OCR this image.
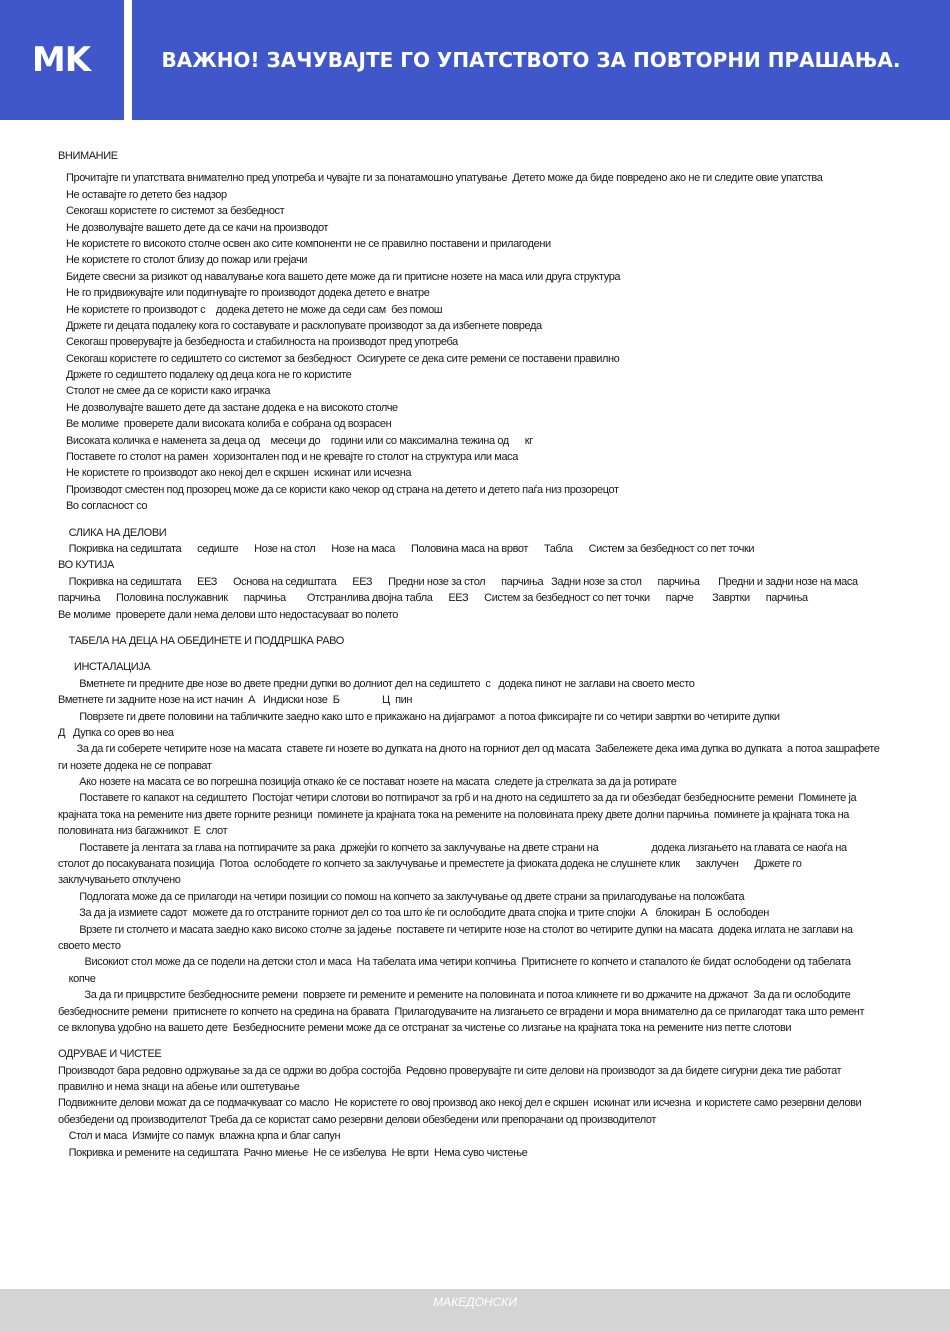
MK	ВАЖНО! ЗАЧУВАЈТЕ ГО УПАТСТВОТО ЗА ПОВТОРНИ ПРАШАЊА.
ВНИМАНИЕ
Прочитајте ги упатствата внимателно пред употреба и чувајте ги за понатамошно упатување  Детето може да биде повредено ако не ги следите овие упатства
Не оставајте го детето без надзор
Секогаш користете го системот за безбедност
Не дозволувајте вашето дете да се качи на производот
Не користете го високото столче освен ако сите компоненти не се правилно поставени и прилагодени
Не користете го столот близу до пожар или грејачи
Бидете свесни за ризикот од навалување кога вашето дете може да ги притисне нозете на маса или друга структура
Не го придвижувајте или подигнувајте го производот додека детето е внатре
Не користете го производот с    додека детето не може да седи сам  без помош
Држете ги децата подалеку кога го составувате и расклопувате производот за да избегнете повреда
Секогаш проверувајте ја безбедноста и стабилноста на производот пред употреба
Секогаш користете го седиштето со системот за безбедност  Осигурете се дека сите ремени се поставени правилно
Држете го седиштето подалеку од деца кога не го користите
Столот не смее да се користи како играчка
Не дозволувајте вашето дете да застане додека е на високото столче
Ве молиме  проверете дали високата колиба е собрана од возрасен
Високата количка е наменета за деца од    месеци до    години или со максимална тежина од      кг
Поставете го столот на рамен  хоризонтален под и не кревајте го столот на структура или маса
Не користете го производот ако некој дел е скршен  искинат или исчезна
Производот сместен под прозорец може да се користи како чекор од страна на детето и детето паѓа низ прозорецот
Во согласност со
СЛИКА НА ДЕЛОВИ
Покривка на седиштата      седиште      Нозе на стол      Нозе на маса      Половина маса на врвот      Табла      Систем за безбедност со пет точки
ВО КУТИЈА
Покривка на седиштата      ЕЕЗ      Основа на седиштата      ЕЕЗ      Предни нозе за стол      парчиња   Задни нозе за стол      парчиња       Предни и задни нозе на маса
парчиња      Половина послужавник      парчиња        Отстранлива двојна табла      ЕЕЗ      Систем за безбедност со пет точки      парче       Завртки      парчиња
Ве молиме  проверете дали нема делови што недостасуваат во полето
ТАБЕЛА НА ДЕЦА НА ОБЕДИНЕТЕ И ПОДДРШКА РАВО
ИНСТАЛАЦИЈА
Вметнете ги предните две нозе во двете предни дупки во долниот дел на седиштето  с   додека пинот не заглави на своето место
Вметнете ги задните нозе на ист начин  А   Индиски нозе  Б                Ц  пин
Поврзете ги двете половини на табличките заедно како што е прикажано на дијаграмот  а потоа фиксирајте ги со четири завртки во четирите дупки
Д   Дупка со орев во неа
За да ги соберете четирите нозе на масата  ставете ги нозете во дупката на дното на горниот дел од масата  Забележете дека има дупка во дупката  а потоа зашрафете
ги нозете додека не се поправат
Ако нозете на масата се во погрешна позиција откако ќе се постават нозете на масата  следете ја стрелката за да ја ротирате
Поставете го капакот на седиштето  Постојат четири слотови во потпирачот за грб и на дното на седиштето за да ги обезбедат безбедносните ремени  Поминете ја
крајната тока на ремените низ двете горните резници  поминете ја крајната тока на ремените на половината преку двете долни парчиња  поминете ја крајната тока на
половината низ багажникот  Е  слот
Поставете ја лентата за глава на потпирачите за рака  држејќи го копчето за заклучување на двете страни на                    додека лизгањето на главата се наоѓа на
столот до посакуваната позиција  Потоа  ослободете го копчето за заклучување и преместете ја фиоката додека не слушнете клик      заклучен      Држете го
заклучувањето отклучено
Подлогата може да се прилагоди на четири позиции со помош на копчето за заклучување од двете страни за прилагодување на положбата
За да ја измиете садот  можете да го отстраните горниот дел со тоа што ќе ги ослободите двата спојка и трите спојки  А   блокиран  Б  ослободен
Врзете ги столчето и масата заедно како високо столче за јадење  поставете ги четирите нозе на столот во четирите дупки на масата  додека иглата не заглави на
своето место
Високиот стол може да се подели на детски стол и маса  На табелата има четири копчиња  Притиснете го копчето и стапалото ќе бидат ослободени од табелата
копче
За да ги прицврстите безбедносните ремени  поврзете ги ремените и ремените на половината и потоа кликнете ги во држачите на држачот  За да ги ослободите
безбедносните ремени  притиснете го копчето на средина на бравата  Прилагодувачите на лизгањето се вградени и мора внимателно да се прилагодат така што ремент
се вклопува удобно на вашето дете  Безбедносните ремени може да се отстранат за чистење со лизгање на крајната тока на ремените низ петте слотови
ОДРУВАЕ И ЧИСТЕЕ
Производот бара редовно одржување за да се одржи во добра состојба  Редовно проверувајте ги сите делови на производот за да бидете сигурни дека тие работат
правилно и нема знаци на абење или оштетување
Подвижните делови можат да се подмачкуваат со масло  Не користете го овој производ ако некој дел е скршен  искинат или исчезна  и користете само резервни делови
обезбедени од производителот Треба да се користат само резервни делови обезбедени или препорачани од производителот
Стол и маса  Измијте со памук  влажна крпа и благ сапун
Покривка и ремените на седиштата  Рачно миење  Не се избелува  Не врти  Нема суво чистење
МАКЕДОНСКИ
